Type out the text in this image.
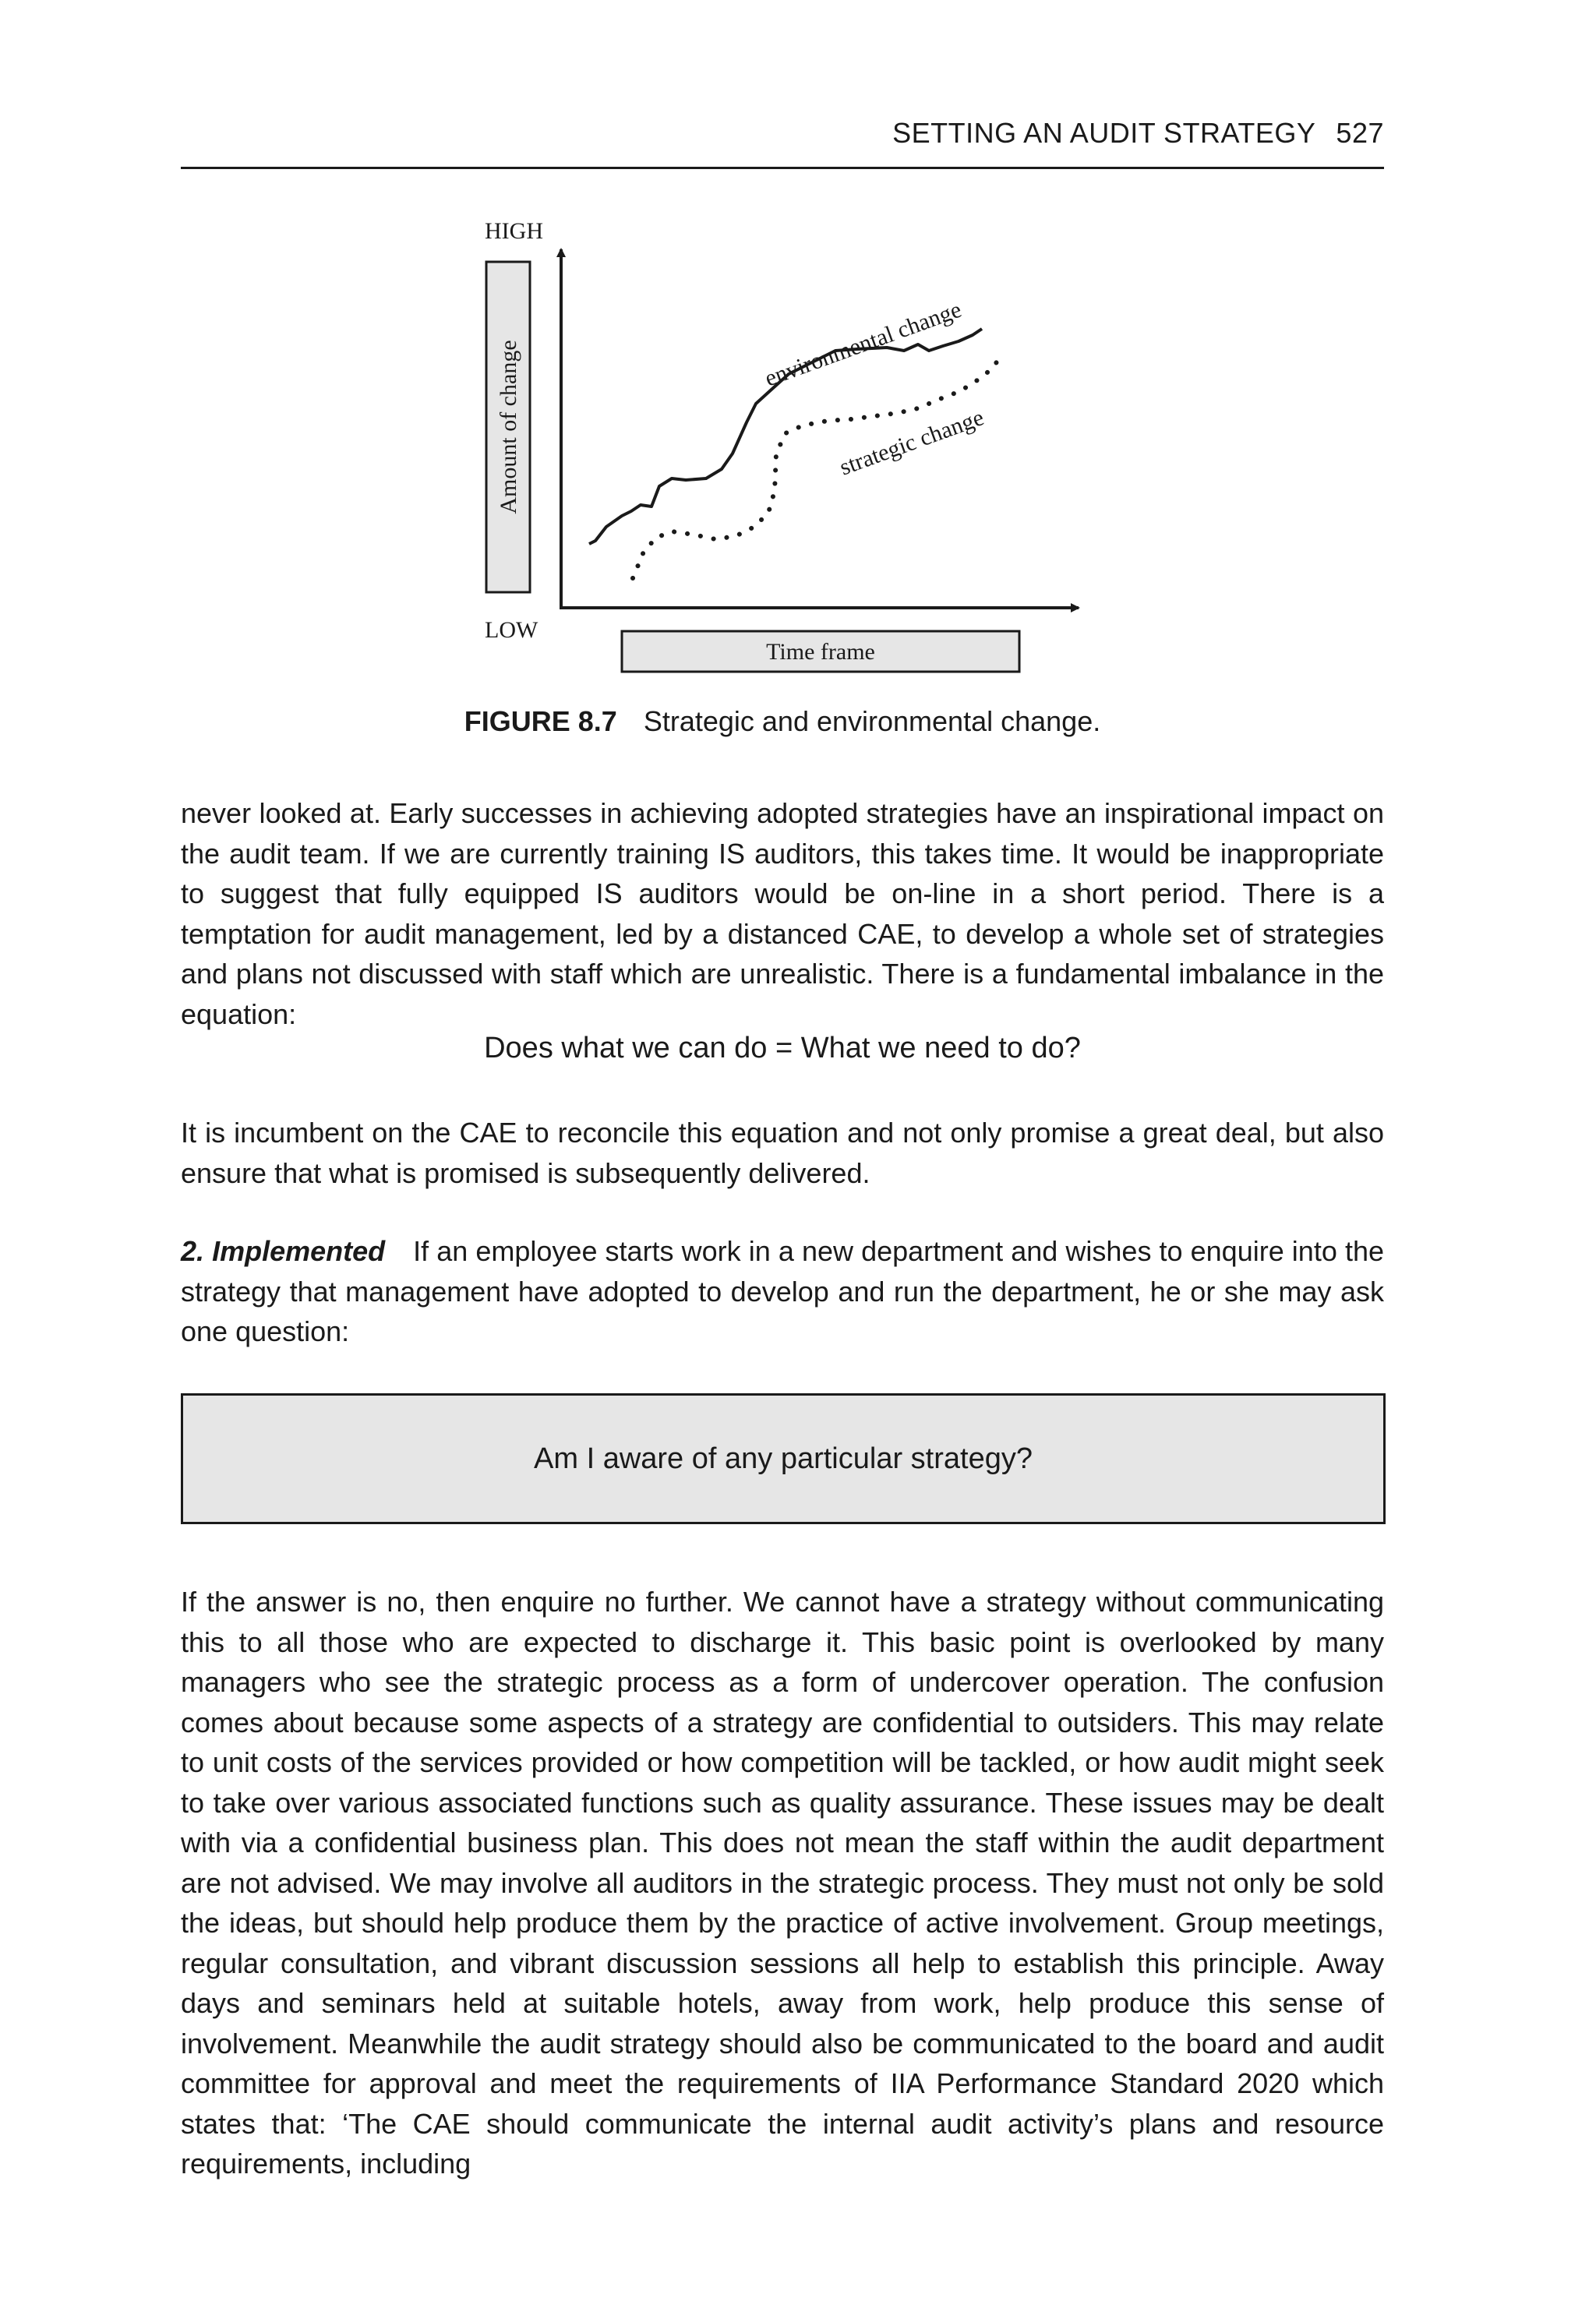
SETTING AN AUDIT STRATEGY 527
HIGH
LOW
Amount of change	environmental change
strategic change
Time frame
FIGURE 8.7 Strategic and environmental change.

never looked at. Early successes in achieving adopted strategies have an inspirational impact on the audit team. If we are currently training IS auditors, this takes time. It would be inappropriate to suggest that fully equipped IS auditors would be on-line in a short period. There is a temptation for audit management, led by a distanced CAE, to develop a whole set of strategies and plans not discussed with staff which are unrealistic. There is a fundamental imbalance in the equation:

Does what we can do = What we need to do?

It is incumbent on the CAE to reconcile this equation and not only promise a great deal, but also ensure that what is promised is subsequently delivered.

2. Implemented If an employee starts work in a new department and wishes to enquire into the strategy that management have adopted to develop and run the department, he or she may ask one question:

Am I aware of any particular strategy?

If the answer is no, then enquire no further. We cannot have a strategy without communicating this to all those who are expected to discharge it. This basic point is overlooked by many managers who see the strategic process as a form of undercover operation. The confusion comes about because some aspects of a strategy are confidential to outsiders. This may relate to unit costs of the services provided or how competition will be tackled, or how audit might seek to take over various associated functions such as quality assurance. These issues may be dealt with via a confidential business plan. This does not mean the staff within the audit department are not advised. We may involve all auditors in the strategic process. They must not only be sold the ideas, but should help produce them by the practice of active involvement. Group meetings, regular consultation, and vibrant discussion sessions all help to establish this principle. Away days and seminars held at suitable hotels, away from work, help produce this sense of involvement. Meanwhile the audit strategy should also be communicated to the board and audit committee for approval and meet the requirements of IIA Performance Standard 2020 which states that: ‘The CAE should communicate the internal audit activity’s plans and resource requirements, including
